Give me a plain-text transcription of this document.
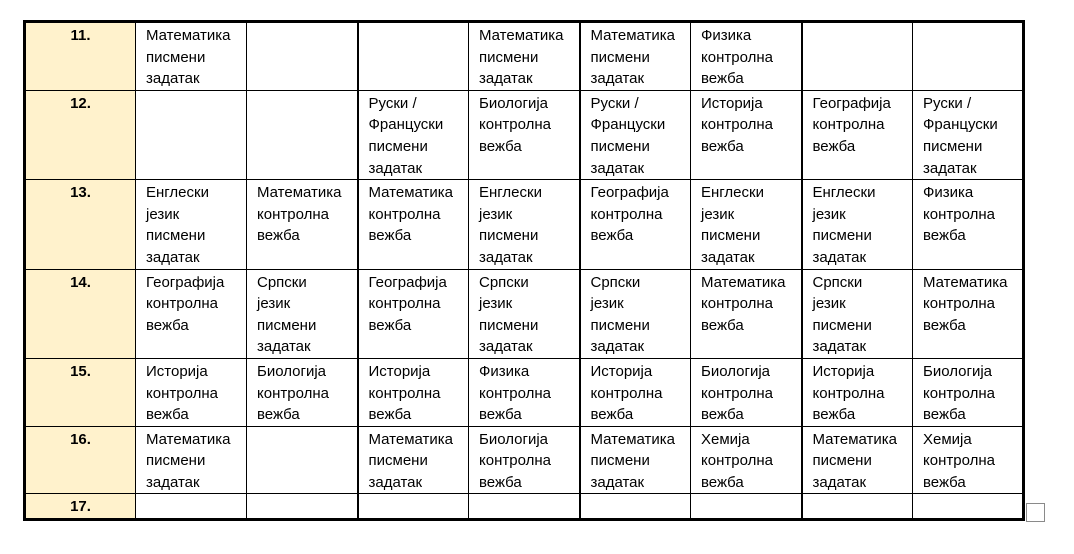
11.	Математика
писмени
задатак			Математика
писмени
задатак	Математика
писмени
задатак	Физика
контролна
вежба		
12.			Руски /
Француски
писмени
задатак	Биологија
контролна
вежба	Руски /
Француски
писмени
задатак	Историја
контролна
вежба	Географија
контролна
вежба	Руски /
Француски
писмени
задатак
13.	Енглески
језик
писмени
задатак	Математика
контролна
вежба	Математика
контролна
вежба	Енглески
језик
писмени
задатак	Географија
контролна
вежба	Енглески
језик
писмени
задатак	Енглески
језик
писмени
задатак	Физика
контролна
вежба
14.	Географија
контролна
вежба	Српски
језик
писмени
задатак	Географија
контролна
вежба	Српски
језик
писмени
задатак	Српски
језик
писмени
задатак	Математика
контролна
вежба	Српски
језик
писмени
задатак	Математика
контролна
вежба
15.	Историја
контролна
вежба	Биологија
контролна
вежба	Историја
контролна
вежба	Физика
контролна
вежба	Историја
контролна
вежба	Биологија
контролна
вежба	Историја
контролна
вежба	Биологија
контролна
вежба
16.	Математика
писмени
задатак		Математика
писмени
задатак	Биологија
контролна
вежба	Математика
писмени
задатак	Хемија
контролна
вежба	Математика
писмени
задатак	Хемија
контролна
вежба
17.								
